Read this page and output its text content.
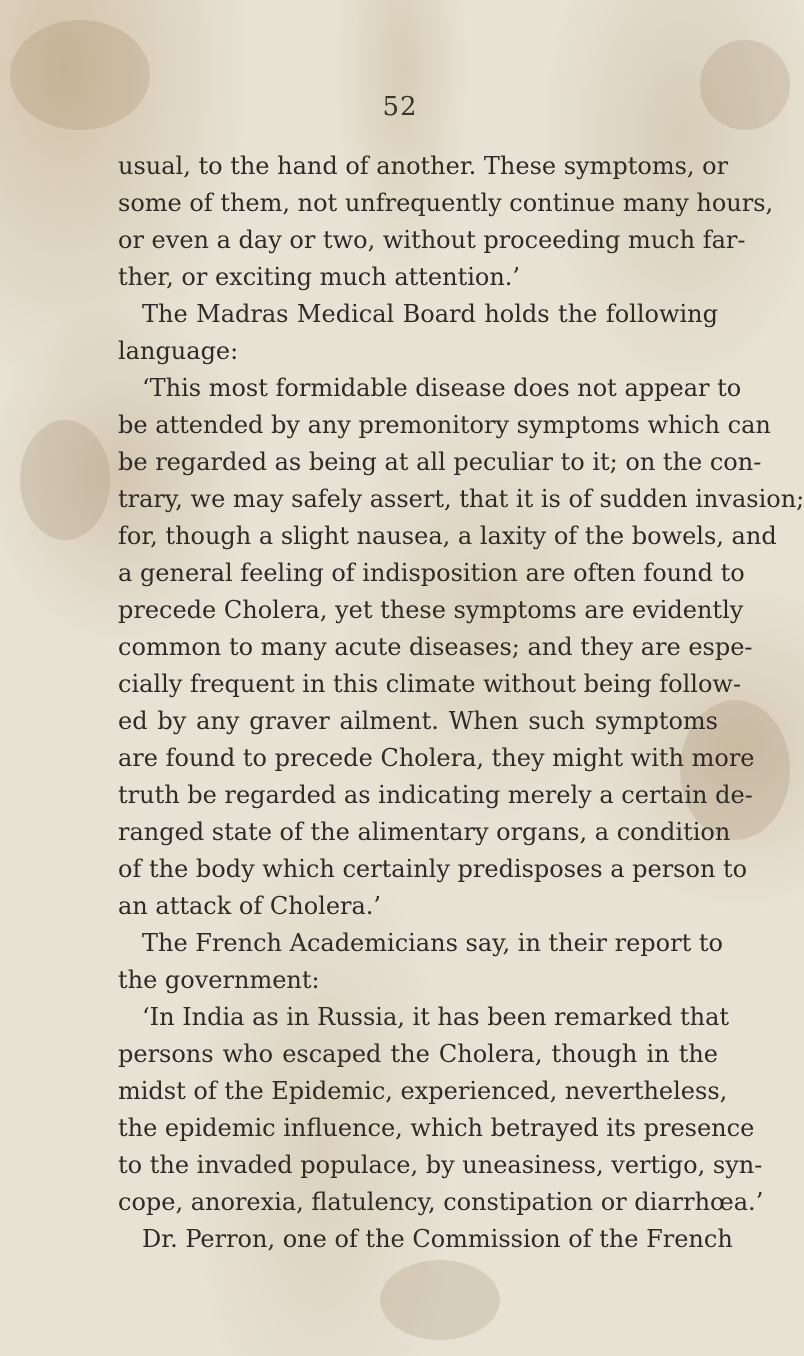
52
usual, to the hand of another. These symptoms, or
some of them, not unfrequently continue many hours,
or even a day or two, without proceeding much far-
ther, or exciting much attention.’
The Madras Medical Board holds the following
language:
‘This most formidable disease does not appear to
be attended by any premonitory symptoms which can
be regarded as being at all peculiar to it; on the con-
trary, we may safely assert, that it is of sudden invasion;
for, though a slight nausea, a laxity of the bowels, and
a general feeling of indisposition are often found to
precede Cholera, yet these symptoms are evidently
common to many acute diseases; and they are espe-
cially frequent in this climate without being follow-
ed by any graver ailment. When such symptoms
are found to precede Cholera, they might with more
truth be regarded as indicating merely a certain de-
ranged state of the alimentary organs, a condition
of the body which certainly predisposes a person to
an attack of Cholera.’
The French Academicians say, in their report to
the government:
‘In India as in Russia, it has been remarked that
persons who escaped the Cholera, though in the
midst of the Epidemic, experienced, nevertheless,
the epidemic influence, which betrayed its presence
to the invaded populace, by uneasiness, vertigo, syn-
cope, anorexia, flatulency, constipation or diarrhœa.’
Dr. Perron, one of the Commission of the French
